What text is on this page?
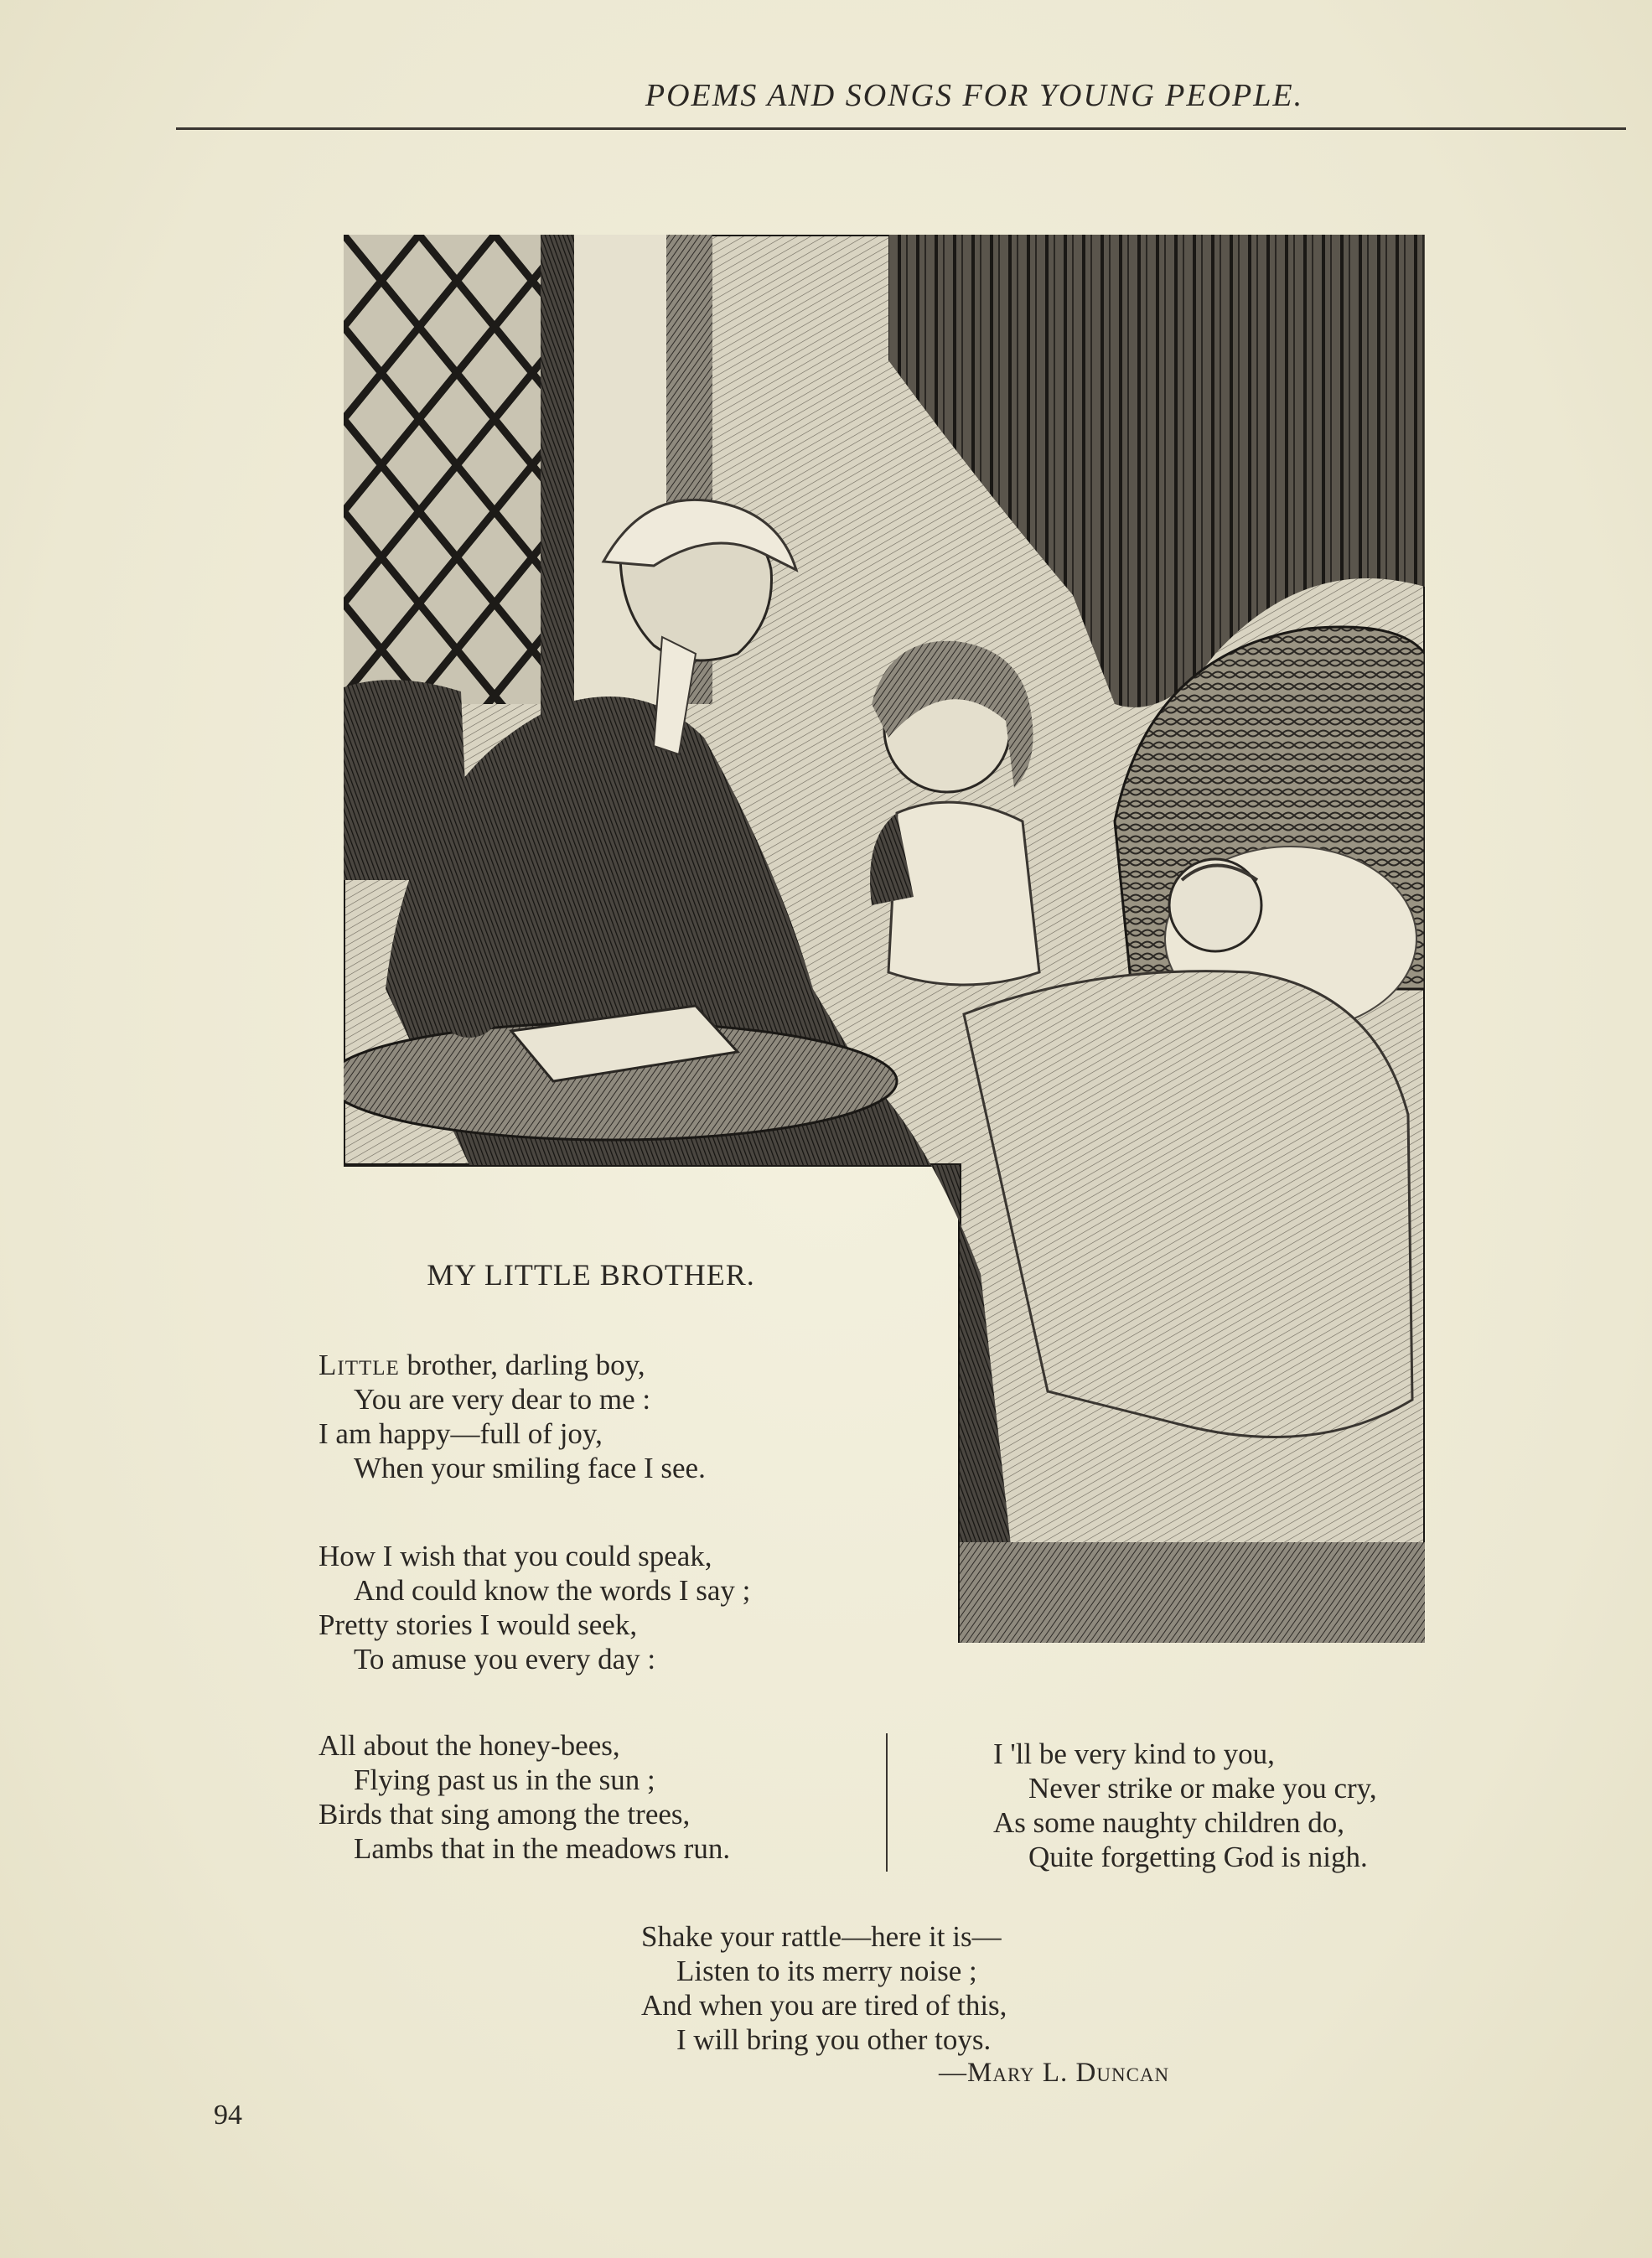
POEMS AND SONGS FOR YOUNG PEOPLE.
MY LITTLE BROTHER.
Little brother, darling boy,
You are very dear to me :
I am happy—full of joy,
When your smiling face I see.
How I wish that you could speak,
And could know the words I say ;
Pretty stories I would seek,
To amuse you every day :
All about the honey-bees,
Flying past us in the sun ;
Birds that sing among the trees,
Lambs that in the meadows run.
I 'll be very kind to you,
Never strike or make you cry,
As some naughty children do,
Quite forgetting God is nigh.
Shake your rattle—here it is—
Listen to its merry noise ;
And when you are tired of this,
I will bring you other toys.
—Mary L. Duncan
94
